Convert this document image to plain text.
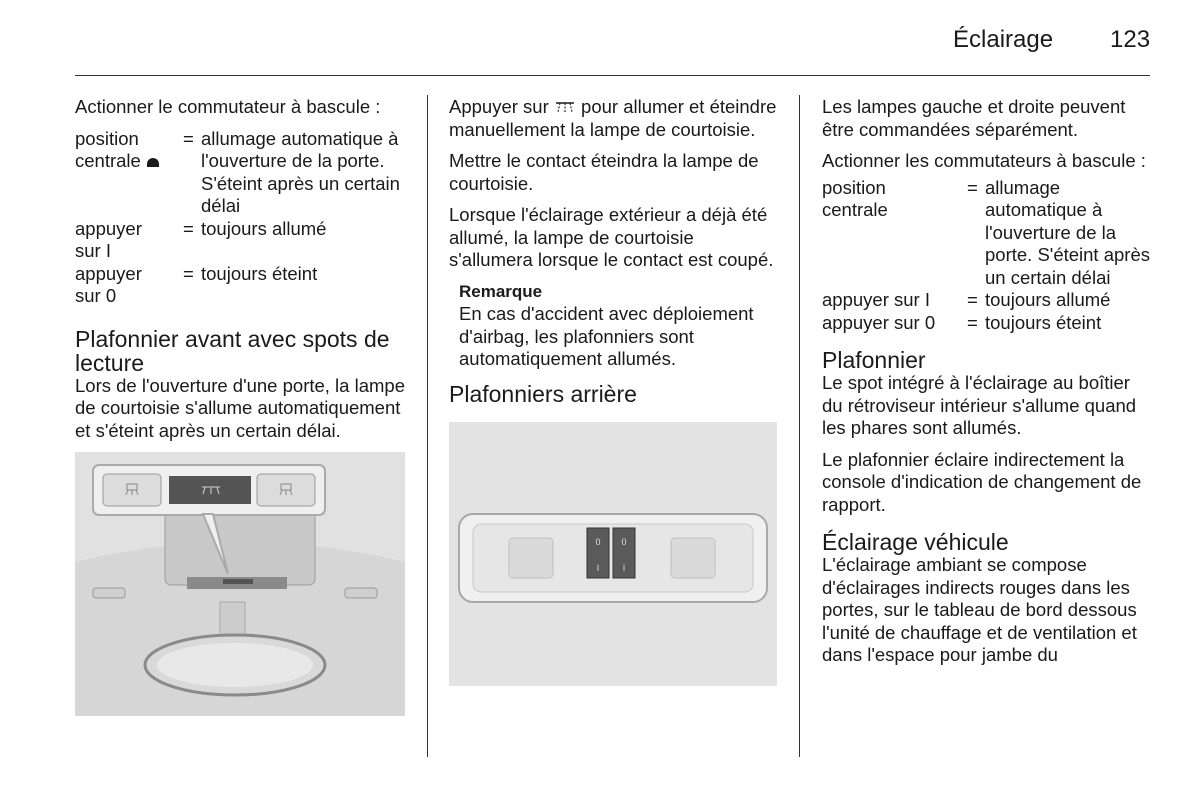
Éclairage 123

Actionner le commutateur à bascule :

position
centrale
= allumage automatique à l'ouverture de la porte. S'éteint après un certain délai
appuyer
sur I
= toujours allumé
appuyer
sur 0
= toujours éteint
Plafonnier avant avec spots de lecture

Lors de l'ouverture d'une porte, la lampe de courtoisie s'allume automatiquement et s'éteint après un certain délai.

Appuyer sur pour allumer et éteindre manuellement la lampe de courtoisie.

Mettre le contact éteindra la lampe de courtoisie.

Lorsque l'éclairage extérieur a déjà été allumé, la lampe de courtoisie s'allumera lorsque le contact est coupé.

Remarque
En cas d'accident avec déploiement d'airbag, les plafonniers sont automatiquement allumés.
Plafonniers arrière
0
I
0
I

Les lampes gauche et droite peuvent être commandées séparément.

Actionner les commutateurs à bascule :

position centrale
= allumage automatique à l'ouverture de la porte. S'éteint après un certain délai
appuyer sur I	= toujours allumé
appuyer sur 0	= toujours éteint
Plafonnier

Le spot intégré à l'éclairage au boîtier du rétroviseur intérieur s'allume quand les phares sont allumés.

Le plafonnier éclaire indirectement la console d'indication de changement de rapport.

Éclairage véhicule

L'éclairage ambiant se compose d'éclairages indirects rouges dans les portes, sur le tableau de bord dessous l'unité de chauffage et de ventilation et dans l'espace pour jambe du
